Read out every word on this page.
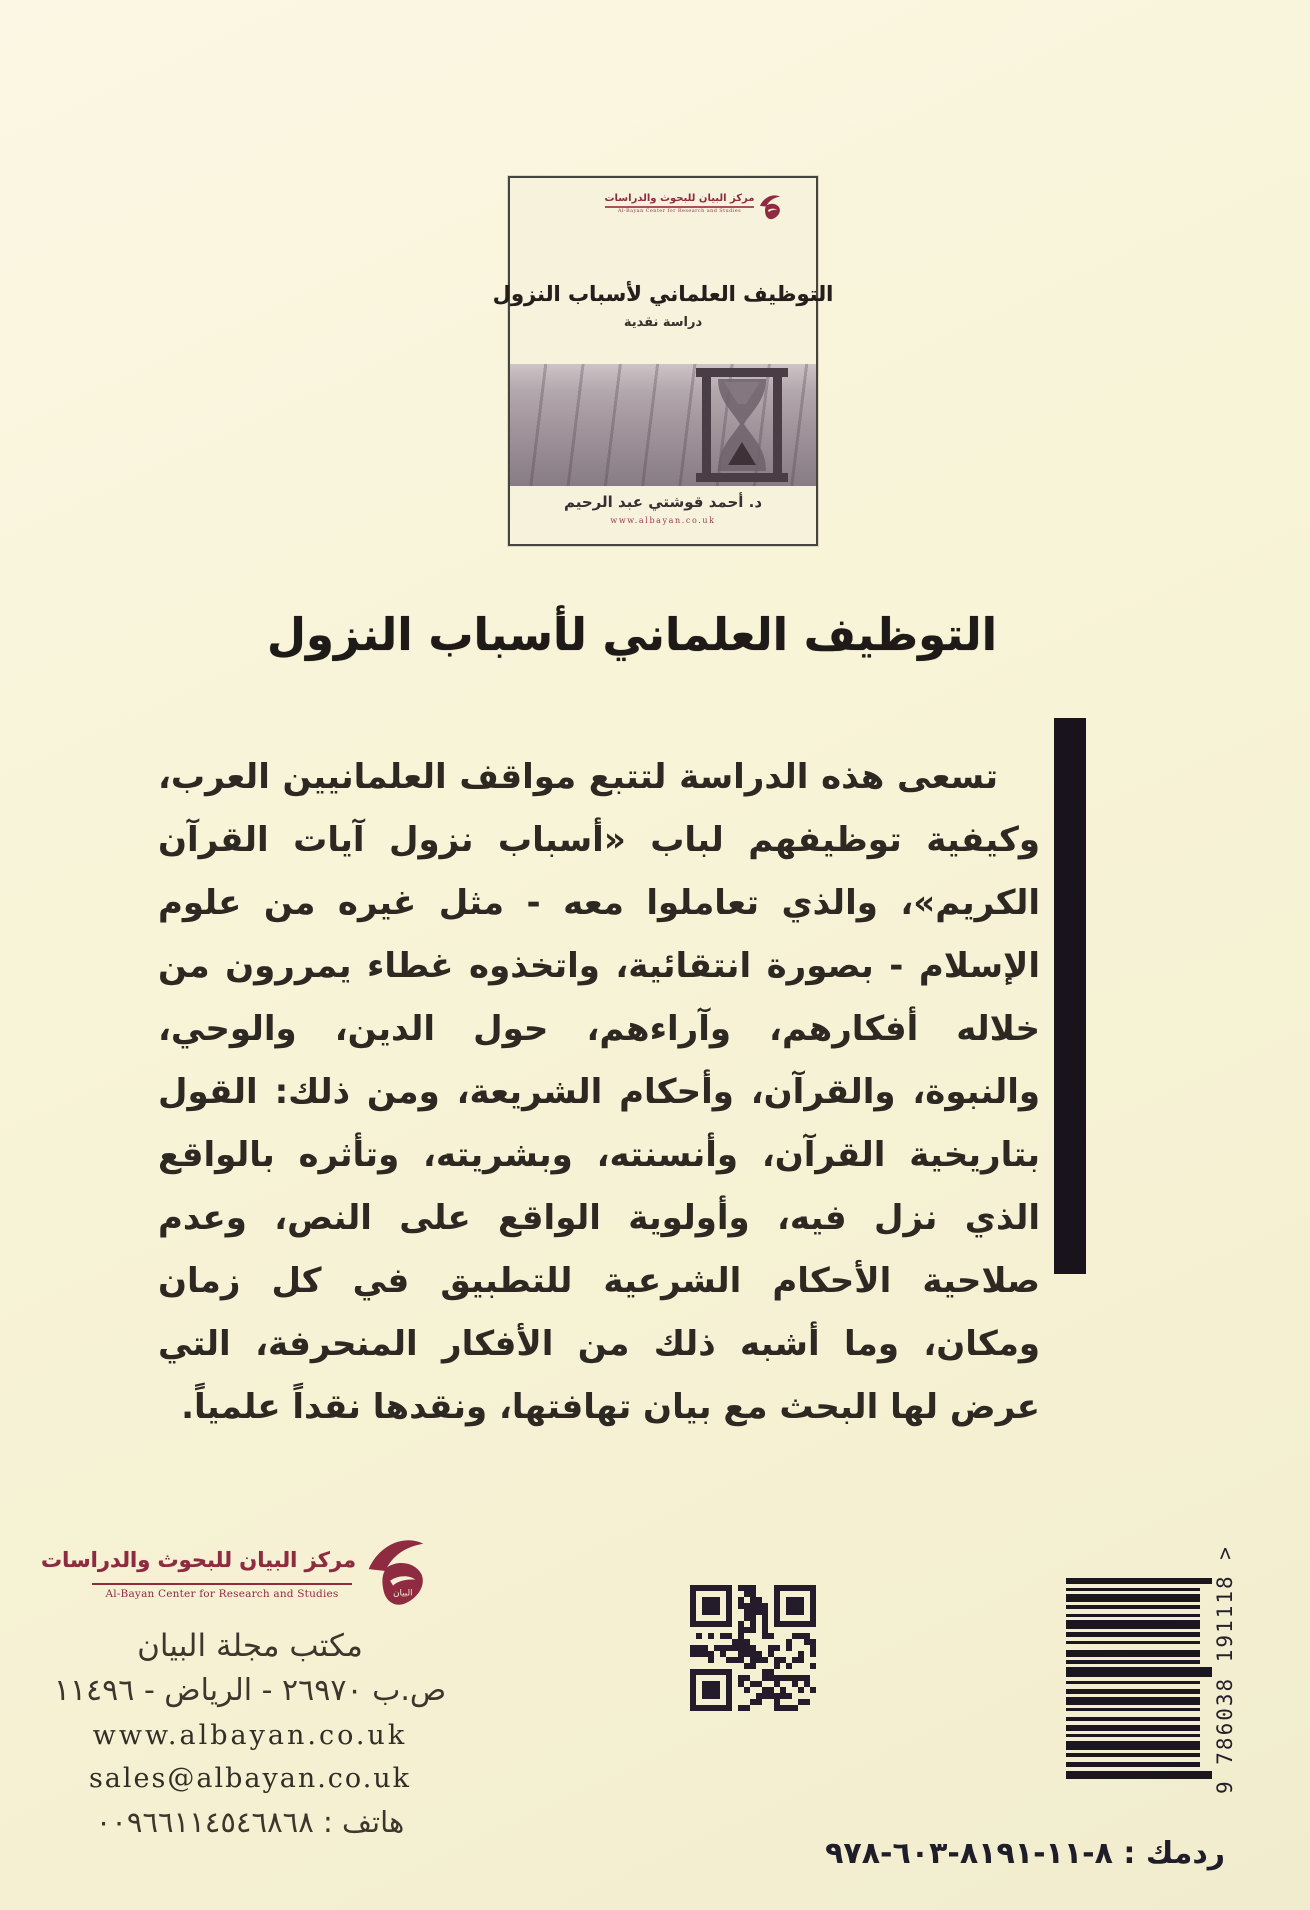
مركز البيان للبحوث والدراسات
Al-Bayan Center for Research and Studies
التوظيف العلماني لأسباب النزول
دراسة نقدية
د. أحمد قوشتي عبد الرحيم
www.albayan.co.uk
التوظيف العلماني لأسباب النزول

تسعى هذه الدراسة لتتبع مواقف العلمانيين العرب، وكيفية توظيفهم لباب «أسباب نزول آيات القرآن الكريم»، والذي تعاملوا معه - مثل غيره من علوم الإسلام - بصورة انتقائية، واتخذوه غطاء يمررون من خلاله أفكارهم، وآراءهم، حول الدين، والوحي، والنبوة، والقرآن، وأحكام الشريعة، ومن ذلك: القول بتاريخية القرآن، وأنسنته، وبشريته، وتأثره بالواقع الذي نزل فيه، وأولوية الواقع على النص، وعدم صلاحية الأحكام الشرعية للتطبيق في كل زمان ومكان، وما أشبه ذلك من الأفكار المنحرفة، التي عرض لها البحث مع بيان تهافتها، ونقدها نقداً علمياً.

مركز البيان للبحوث والدراسات
Al-Bayan Center for Research and Studies	البيان
مكتب مجلة البيان
ص.ب ٢٦٩٧٠ - الرياض - ١١٤٩٦
www.albayan.co.uk
sales@albayan.co.uk
هاتف : ٠٠٩٦٦١١٤٥٤٦٨٦٨
9 786038 191118 >
ردمك : ٩٧٨-٦٠٣-٨١٩١-١١-٨
